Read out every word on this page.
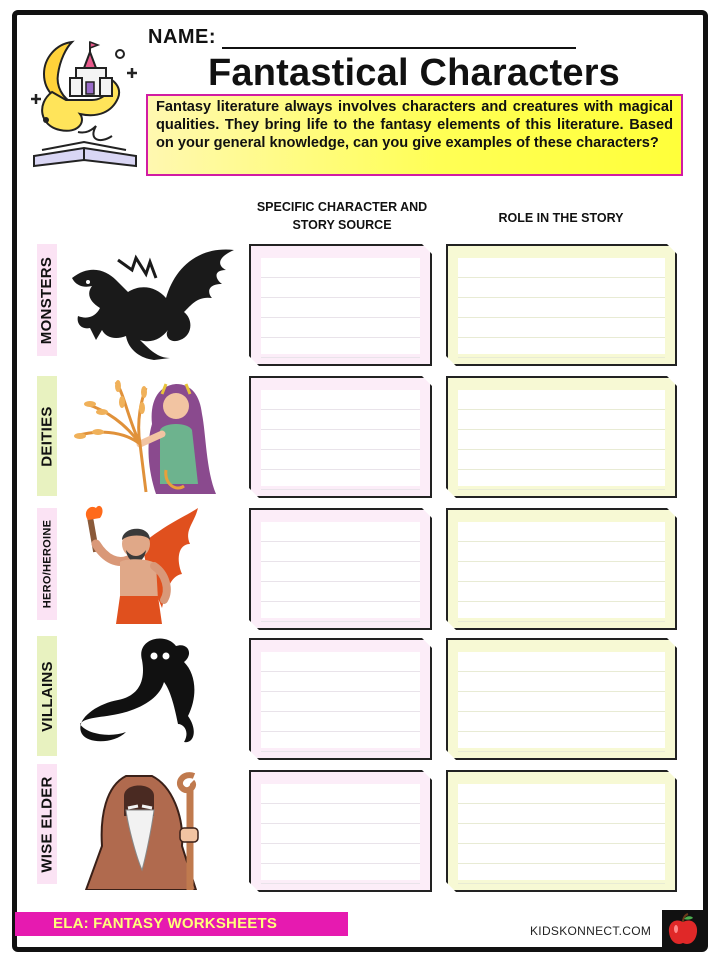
NAME:
Fantastical Characters
Fantasy literature always involves characters and creatures with magical qualities. They bring life to the fantasy elements of this literature. Based on your general knowledge, can you give examples of these characters?
SPECIFIC CHARACTER AND STORY SOURCE	ROLE IN THE STORY
MONSTERS
DEITIES
HERO/HEROINE
VILLAINS
WISE ELDER
ELA: FANTASY WORKSHEETS	KIDSKONNECT.COM
